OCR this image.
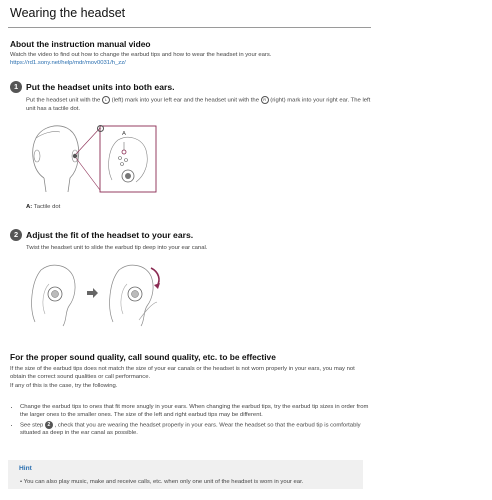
Wearing the headset
About the instruction manual video
Watch the video to find out how to change the earbud tips and how to wear the headset in your ears.
https://rd1.sony.net/help/mdr/mov0031/h_zz/
1 Put the headset units into both ears.
Put the headset unit with the L (left) mark into your left ear and the headset unit with the R (right) mark into your right ear. The left unit has a tactile dot.
L
A
A: Tactile dot
2 Adjust the fit of the headset to your ears.
Twist the headset unit to slide the earbud tip deep into your ear canal.
For the proper sound quality, call sound quality, etc. to be effective
If the size of the earbud tips does not match the size of your ear canals or the headset is not worn properly in your ears, you may not obtain the correct sound qualities or call performance.
If any of this is the case, try the following.
• Change the earbud tips to ones that fit more snugly in your ears. When changing the earbud tips, try the earbud tip sizes in order from the larger ones to the smaller ones. The size of the left and right earbud tips may be different.
• See step 2 , check that you are wearing the headset properly in your ears. Wear the headset so that the earbud tip is comfortably situated as deep in the ear canal as possible.
Hint
• You can also play music, make and receive calls, etc. when only one unit of the headset is worn in your ear.
